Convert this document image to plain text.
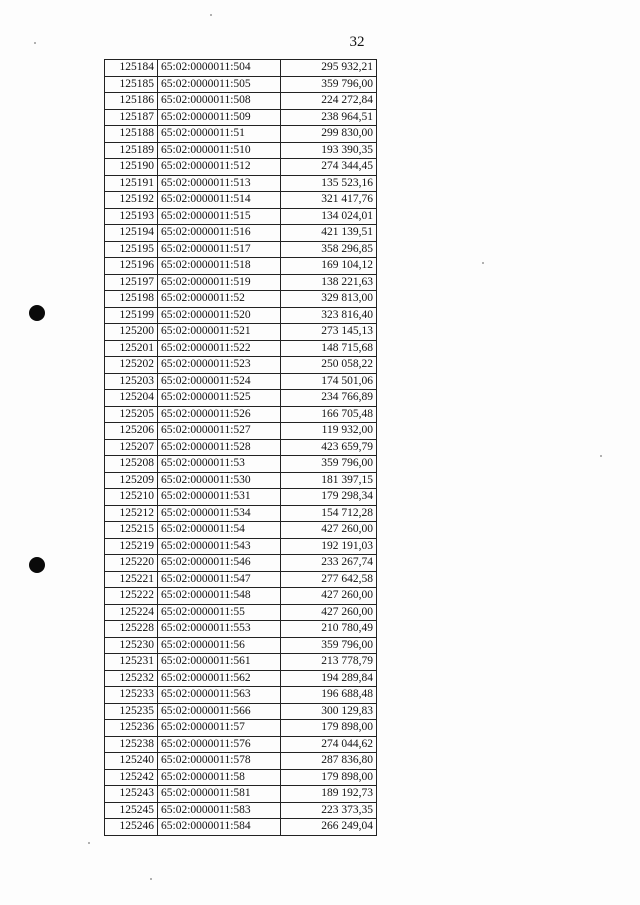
32
125184	65:02:0000011:504	295 932,21
125185	65:02:0000011:505	359 796,00
125186	65:02:0000011:508	224 272,84
125187	65:02:0000011:509	238 964,51
125188	65:02:0000011:51	299 830,00
125189	65:02:0000011:510	193 390,35
125190	65:02:0000011:512	274 344,45
125191	65:02:0000011:513	135 523,16
125192	65:02:0000011:514	321 417,76
125193	65:02:0000011:515	134 024,01
125194	65:02:0000011:516	421 139,51
125195	65:02:0000011:517	358 296,85
125196	65:02:0000011:518	169 104,12
125197	65:02:0000011:519	138 221,63
125198	65:02:0000011:52	329 813,00
125199	65:02:0000011:520	323 816,40
125200	65:02:0000011:521	273 145,13
125201	65:02:0000011:522	148 715,68
125202	65:02:0000011:523	250 058,22
125203	65:02:0000011:524	174 501,06
125204	65:02:0000011:525	234 766,89
125205	65:02:0000011:526	166 705,48
125206	65:02:0000011:527	119 932,00
125207	65:02:0000011:528	423 659,79
125208	65:02:0000011:53	359 796,00
125209	65:02:0000011:530	181 397,15
125210	65:02:0000011:531	179 298,34
125212	65:02:0000011:534	154 712,28
125215	65:02:0000011:54	427 260,00
125219	65:02:0000011:543	192 191,03
125220	65:02:0000011:546	233 267,74
125221	65:02:0000011:547	277 642,58
125222	65:02:0000011:548	427 260,00
125224	65:02:0000011:55	427 260,00
125228	65:02:0000011:553	210 780,49
125230	65:02:0000011:56	359 796,00
125231	65:02:0000011:561	213 778,79
125232	65:02:0000011:562	194 289,84
125233	65:02:0000011:563	196 688,48
125235	65:02:0000011:566	300 129,83
125236	65:02:0000011:57	179 898,00
125238	65:02:0000011:576	274 044,62
125240	65:02:0000011:578	287 836,80
125242	65:02:0000011:58	179 898,00
125243	65:02:0000011:581	189 192,73
125245	65:02:0000011:583	223 373,35
125246	65:02:0000011:584	266 249,04
